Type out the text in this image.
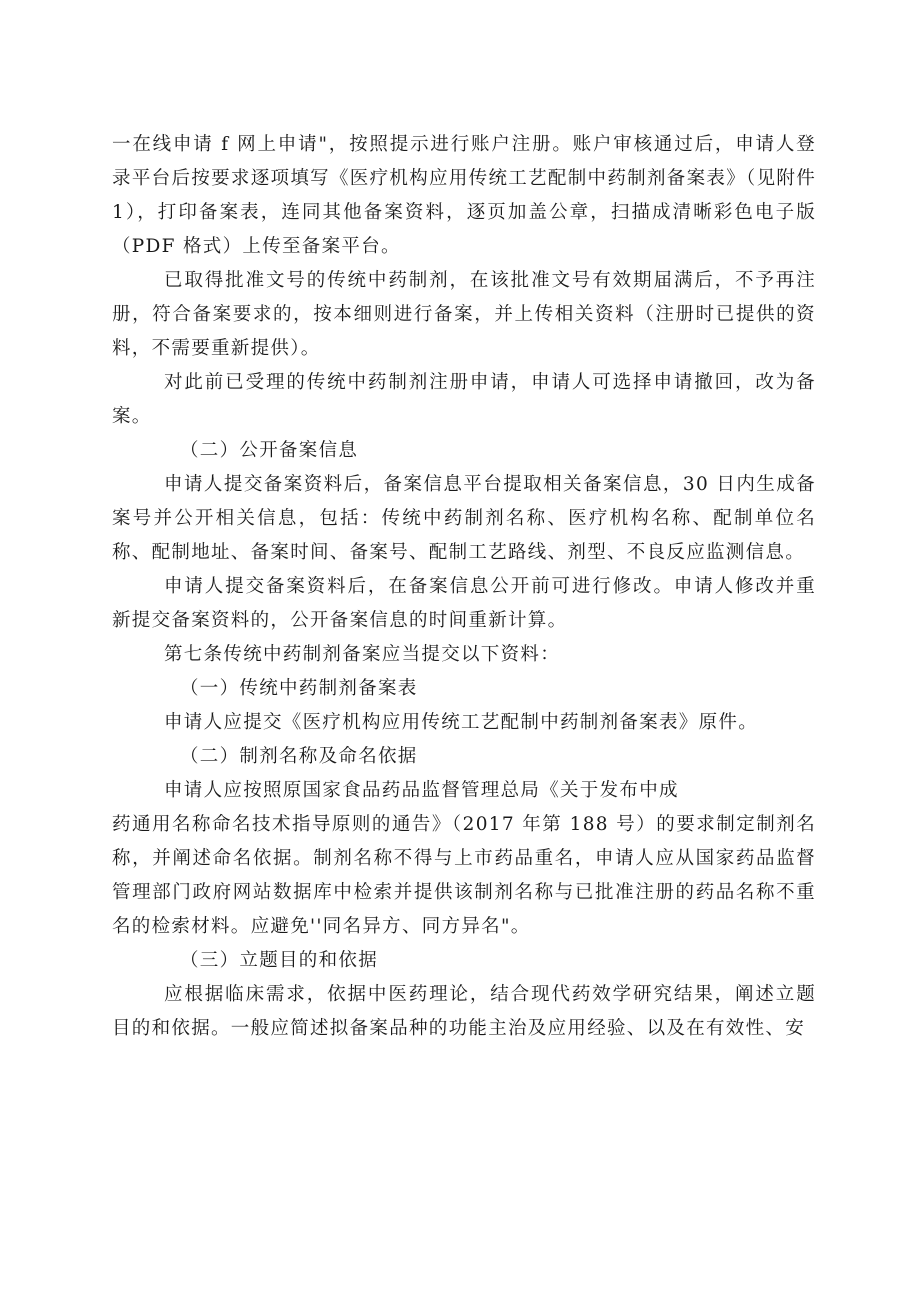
一在线申请 f 网上申请"，按照提示进行账户注册。账户审核通过后，申请人登录平台后按要求逐项填写《医疗机构应用传统工艺配制中药制剂备案表》（见附件 1），打印备案表，连同其他备案资料，逐页加盖公章，扫描成清晰彩色电子版（PDF 格式）上传至备案平台。

已取得批准文号的传统中药制剂，在该批准文号有效期届满后，不予再注册，符合备案要求的，按本细则进行备案，并上传相关资料（注册时已提供的资料，不需要重新提供）。

对此前已受理的传统中药制剂注册申请，申请人可选择申请撤回，改为备案。

（二）公开备案信息

申请人提交备案资料后，备案信息平台提取相关备案信息，30 日内生成备案号并公开相关信息，包括：传统中药制剂名称、医疗机构名称、配制单位名称、配制地址、备案时间、备案号、配制工艺路线、剂型、不良反应监测信息。

申请人提交备案资料后，在备案信息公开前可进行修改。申请人修改并重新提交备案资料的，公开备案信息的时间重新计算。

第七条传统中药制剂备案应当提交以下资料：

（一）传统中药制剂备案表

申请人应提交《医疗机构应用传统工艺配制中药制剂备案表》原件。

（二）制剂名称及命名依据

申请人应按照原国家食品药品监督管理总局《关于发布中成

药通用名称命名技术指导原则的通告》（2017 年第 188 号）的要求制定制剂名称，并阐述命名依据。制剂名称不得与上市药品重名，申请人应从国家药品监督管理部门政府网站数据库中检索并提供该制剂名称与已批准注册的药品名称不重名的检索材料。应避免''同名异方、同方异名"。

（三）立题目的和依据

应根据临床需求，依据中医药理论，结合现代药效学研究结果，阐述立题目的和依据。一般应简述拟备案品种的功能主治及应用经验、以及在有效性、安
